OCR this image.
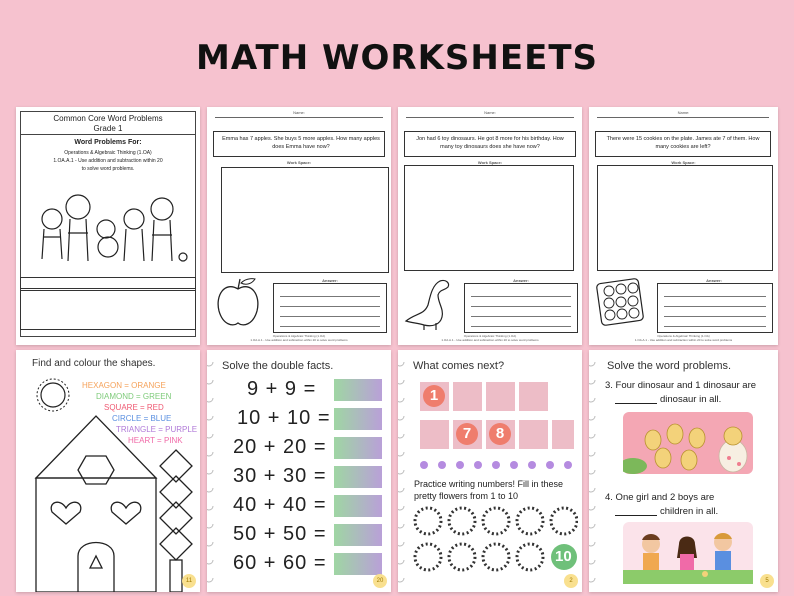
MATH WORKSHEETS
Common Core Word Problems
Grade 1
Word Problems For:
Operations & Algebraic Thinking (1.OA)
1.OA.A.1 - Use addition and subtraction within 20
to solve word problems.
Name:
Emma has 7 apples. She buys 5 more apples. How many apples does Emma have now?
Work Space:
Answer:
Operations & Algebraic Thinking (1.OA)
1.OA.A.1 - Use addition and subtraction within 20 to solve word problems
Name:
Jon had 6 toy dinosaurs. He got 8 more for his birthday. How many toy dinosaurs does she have now?
Work Space:
Answer:
Operations & Algebraic Thinking (1.OA)
1.OA.A.1 - Use addition and subtraction within 20 to solve word problems
Name:
There were 15 cookies on the plate. James ate 7 of them. How many cookies are left?
Work Space:
Answer:
Operations & Algebraic Thinking (1.OA)
1.OA.A.1 - Use addition and subtraction within 20 to solve word problems
Find and colour the shapes.
HEXAGON = ORANGE
DIAMOND = GREEN
SQUARE = RED
CIRCLE = BLUE
TRIANGLE = PURPLE
HEART = PINK
11
Solve the double facts.
9 + 9 =
10 + 10 =
20 + 20 =
30 + 30 =
40 + 40 =
50 + 50 =
60 + 60 =
20
What comes next?
1
7	8
Practice writing numbers! Fill in these pretty flowers from 1 to 10
10
2
Solve the word problems.
3. Four dinosaur and 1 dinosaur are
dinosaur in all.
4. One girl and 2 boys are
children in all.
5
